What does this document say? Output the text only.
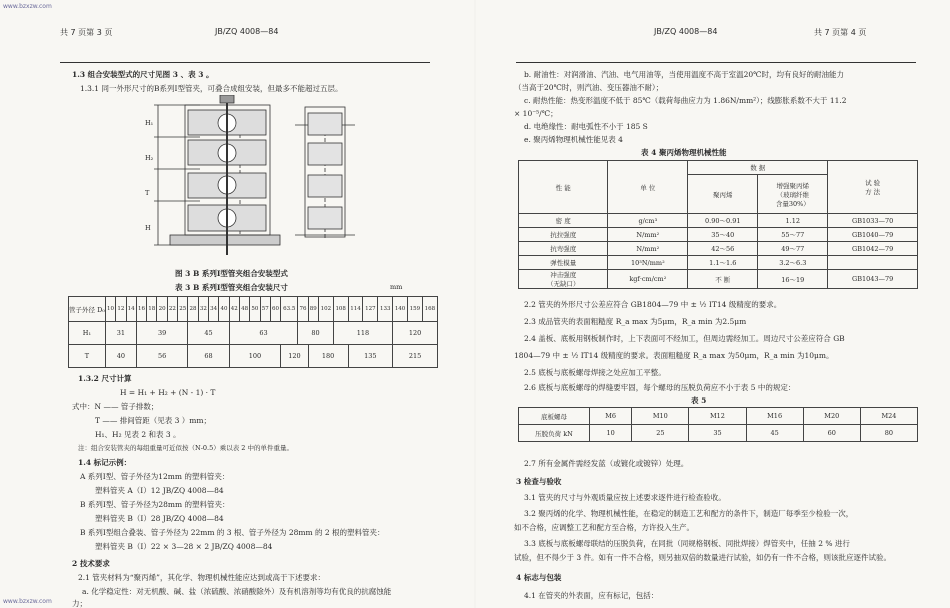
www.bzxzw.com
共 7 页第 3 页	JB/ZQ 4008—84
1.3 组合安装型式的尺寸见图 3 、表 3 。
1.3.1 同一外形尺寸的B系列Ⅰ型管夹，可叠合成组安装，但最多不能超过五层。
H₁
H₂
T
H
图 3 B 系列Ⅰ型管夹组合安装型式
表 3 B 系列Ⅰ型管夹组合安装尺寸	mm
管子外径 D₀	10	12	14	16	18	20	22	25	28	32	34	40	42	48	50	57	60	63.5	76	89	102	108	114	127	133	140	159	168
H₁	31			39					45				63						80			118				120		
T	40			56					68				100					120		180			135			215		
1.3.2 尺寸计算
H = H₁ + H₂ + (N - 1) · T
式中：N —— 管子排数；
T —— 排间管距（见表 3 ）mm；
H₁、H₂ 见表 2 和表 3 。
注：组合安装管夹的每组重量可近似按（N-0.5）乘以表 2 中的单件重量。
1.4 标记示例：
A 系列Ⅰ型、管子外径为12mm 的塑料管夹：
塑料管夹 A（Ⅰ）12 JB/ZQ 4008—84
B 系列Ⅰ型、管子外径为28mm 的塑料管夹：
塑料管夹 B（Ⅰ）28 JB/ZQ 4008—84
B 系列Ⅰ型组合叠装、管子外径为 22mm 的 3 根、管子外径为 28mm 的 2 根的塑料管夹：
塑料管夹 B（Ⅰ）22 × 3—28 × 2 JB/ZQ 4008—84
2 技术要求
2.1 管夹材料为“聚丙烯”，其化学、物理机械性能应达到或高于下述要求：
a. 化学稳定性：对无机酸、碱、盐（浓硫酸、浓硝酸除外）及有机溶剂等均有优良的抗腐蚀能
力；
www.bzxzw.com
JB/ZQ 4008—84	共 7 页第 4 页
b. 耐油性：对润滑油、汽油、电气用油等，当使用温度不高于室温20℃时，均有良好的耐油能力
（当高于20℃时，则汽油、变压器油不耐）；
c. 耐热性能：热变形温度不低于 85℃（载荷每曲应力为 1.86N/mm²）；线膨胀系数不大于 11.2
× 10⁻⁵/℃；
d. 电绝缘性：耐电弧性不小于 185 S
e. 聚丙烯物理机械性能见表 4
表 4 聚丙烯物理机械性能
性 能	单 位	数 据		试 验
方 法

		聚丙烯	增强聚丙烯
（玻璃纤维
含量30%）	

密 度	g/cm³	0.90～0.91	1.12	GB1033—70
抗拉强度	N/mm²	35～40	55～77	GB1040—79
抗弯强度	N/mm²	42～56	49～77	GB1042—79
弹性模量	10³N/mm²	1.1～1.6	3.2～6.3	

冲击强度
（无缺口）	kgf·cm/cm²	不 断	16～19	GB1043—79
2.2 管夹的外形尺寸公差应符合 GB1804—79 中 ± ½ IT14 级精度的要求。
2.3 成品管夹的表面粗糙度 R_a max 为5μm，R_a min 为2.5μm
2.4 盖板、底板用钢板制作时，上下表面可不经加工，但周边需经加工。周边尺寸公差应符合 GB
1804—79 中 ± ½ IT14 级精度的要求。表面粗糙度 R_a max 为50μm，R_a min 为10μm。
2.5 底板与底板螺母焊接之处应加工平整。
2.6 底板与底板螺母的焊缝要牢固，每个螺母的压脱负荷应不小于表 5 中的规定：
表 5
底板螺母	M6	M10	M12	M16	M20	M24
压脱负荷 kN	10	25	35	45	60	80
2.7 所有金属件需经发蓝（或镀化或镀锌）处理。
3 检查与验收
3.1 管夹的尺寸与外观质量应按上述要求逐件进行检查验收。
3.2 聚丙烯的化学、物理机械性能，在稳定的制造工艺和配方的条件下，制造厂每季至少检验一次，
如不合格，应调整工艺和配方至合格，方许投入生产。
3.3 底板与底板螺母联结的压脱负荷，在同批（同规格钢板、同批焊接）焊管夹中，任抽 2 % 进行
试验，但不得少于 3 件。如有一件不合格，则另抽双倍的数量进行试验，如仍有一件不合格，则该批应逐件试验。
4 标志与包装
4.1 在管夹的外表面，应有标记，包括：
